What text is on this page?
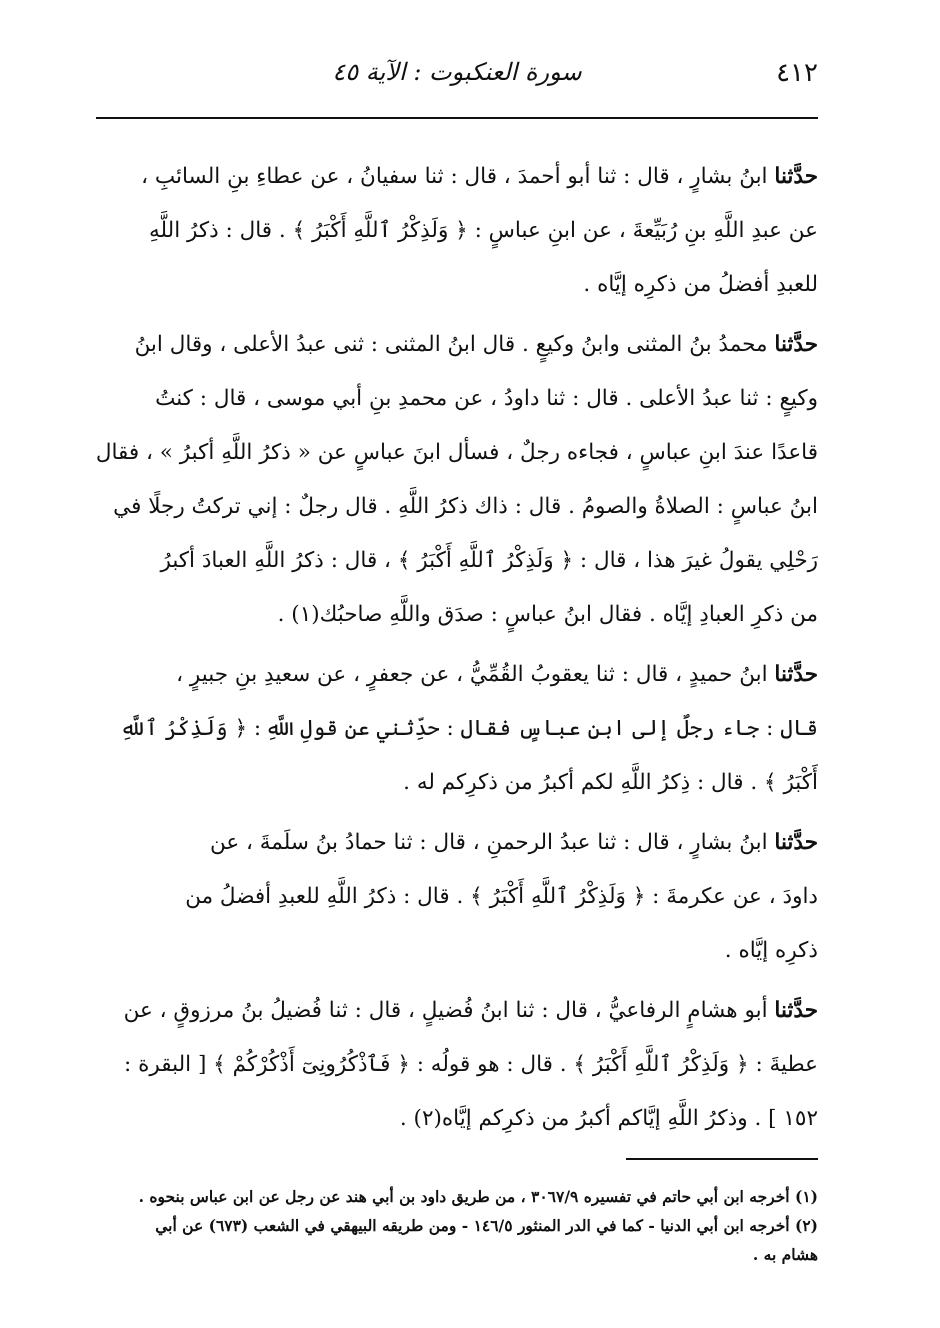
٤١٢
سورة العنكبوت : الآية ٤٥

حدَّثنا ابنُ بشارٍ ، قال : ثنا أبو أحمدَ ، قال : ثنا سفيانُ ، عن عطاءِ بنِ السائبِ ،
عن عبدِ اللَّهِ بنِ رُبَيِّعةَ ، عن ابنِ عباسٍ : ﴿ وَلَذِكْرُ ٱللَّهِ أَكْبَرُ ﴾ . قال : ذكرُ اللَّهِ
للعبدِ أفضلُ من ذكرِه إيَّاه .

حدَّثنا محمدُ بنُ المثنى وابنُ وكيعٍ . قال ابنُ المثنى : ثنى عبدُ الأعلى ، وقال ابنُ
وكيعٍ : ثنا عبدُ الأعلى . قال : ثنا داودُ ، عن محمدِ بنِ أبي موسى ، قال : كنتُ
قاعدًا عندَ ابنِ عباسٍ ، فجاءه رجلٌ ، فسأل ابنَ عباسٍ عن « ذكرُ اللَّهِ أكبرُ » ، فقال
ابنُ عباسٍ : الصلاةُ والصومُ . قال : ذاك ذكرُ اللَّهِ . قال رجلٌ : إني تركتُ رجلًا في
رَحْلِي يقولُ غيرَ هذا ، قال : ﴿ وَلَذِكْرُ ٱللَّهِ أَكْبَرُ ﴾ ، قال : ذكرُ اللَّهِ العبادَ أكبرُ
من ذكرِ العبادِ إيَّاه . فقال ابنُ عباسٍ : صدَق واللَّهِ صاحبُك(١) .

حدَّثنا ابنُ حميدٍ ، قال : ثنا يعقوبُ القُمِّيُّ ، عن جعفرٍ ، عن سعيدِ بنِ جبيرٍ ،
قال : جاء رجلٌ إلى ابنِ عباسٍ فقال : حدِّثني عن قولِ اللَّهِ : ﴿ وَلَذِكْرُ ٱللَّهِ
أَكْبَرُ ﴾ . قال : ذِكرُ اللَّهِ لكم أكبرُ من ذكرِكم له .

حدَّثنا ابنُ بشارٍ ، قال : ثنا عبدُ الرحمنِ ، قال : ثنا حمادُ بنُ سلَمةَ ، عن
داودَ ، عن عكرمةَ : ﴿ وَلَذِكْرُ ٱللَّهِ أَكْبَرُ ﴾ . قال : ذكرُ اللَّهِ للعبدِ أفضلُ من
ذكرِه إيَّاه .

حدَّثنا أبو هشامٍ الرفاعيُّ ، قال : ثنا ابنُ فُضيلٍ ، قال : ثنا فُضيلُ بنُ مرزوقٍ ، عن
عطيةَ : ﴿ وَلَذِكْرُ ٱللَّهِ أَكْبَرُ ﴾ . قال : هو قولُه : ﴿ فَٱذْكُرُونِىٓ أَذْكُرْكُمْ ﴾ [ البقرة :
١٥٢ ] . وذكرُ اللَّهِ إيَّاكم أكبرُ من ذكرِكم إيَّاه(٢) .

(١) أخرجه ابن أبي حاتم في تفسيره ٣٠٦٧/٩ ، من طريق داود بن أبي هند عن رجل عن ابن عباس بنحوه .
(٢) أخرجه ابن أبي الدنيا - كما في الدر المنثور ١٤٦/٥ - ومن طريقه البيهقي في الشعب (٦٧٣) عن أبي
هشام به .
